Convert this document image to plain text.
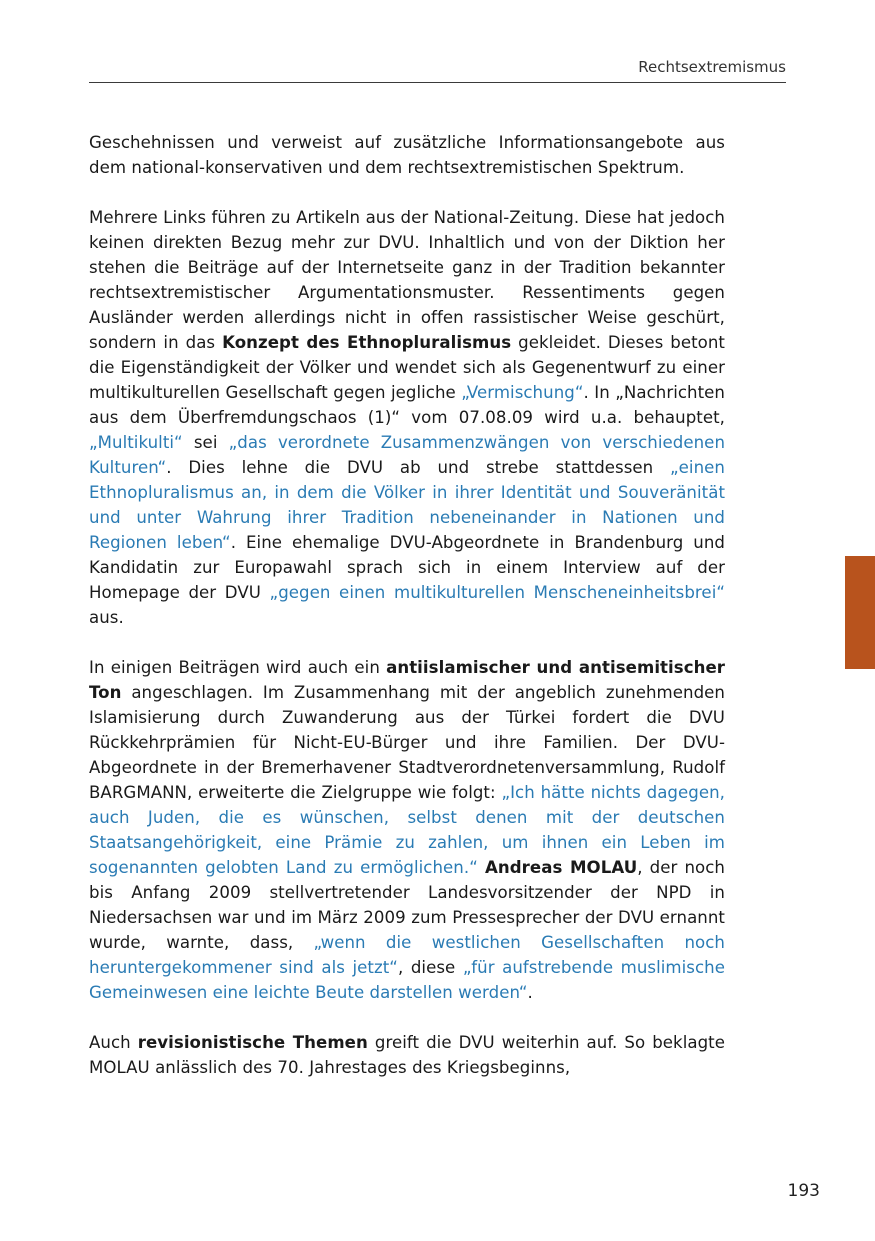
Rechtsextremismus

Geschehnissen und verweist auf zusätzliche Informationsangebote aus dem national-konservativen und dem rechtsextremistischen Spektrum.

Mehrere Links führen zu Artikeln aus der National-Zeitung. Diese hat jedoch keinen direkten Bezug mehr zur DVU. Inhaltlich und von der Diktion her stehen die Beiträge auf der Internetseite ganz in der Tradition bekannter rechtsextremistischer Argumentationsmuster. Ressentiments gegen Ausländer werden allerdings nicht in offen rassistischer Weise geschürt, sondern in das Konzept des Ethnopluralismus gekleidet. Dieses betont die Eigenständigkeit der Völker und wendet sich als Gegenentwurf zu einer multikulturellen Gesellschaft gegen jegliche „Vermischung“. In „Nachrichten aus dem Überfremdungschaos (1)“ vom 07.08.09 wird u.a. behauptet, „Multikulti“ sei „das verordnete Zusammenzwängen von verschiedenen Kulturen“. Dies lehne die DVU ab und strebe stattdessen „einen Ethnopluralismus an, in dem die Völker in ihrer Identität und Souveränität und unter Wahrung ihrer Tradition nebeneinander in Nationen und Regionen leben“. Eine ehemalige DVU-Abgeordnete in Brandenburg und Kandidatin zur Europawahl sprach sich in einem Interview auf der Homepage der DVU „gegen einen multikulturellen Menscheneinheitsbrei“ aus.

In einigen Beiträgen wird auch ein antiislamischer und antisemitischer Ton angeschlagen. Im Zusammenhang mit der angeblich zunehmenden Islamisierung durch Zuwanderung aus der Türkei fordert die DVU Rückkehrprämien für Nicht-EU-Bürger und ihre Familien. Der DVU-Abgeordnete in der Bremerhavener Stadtverordnetenversammlung, Rudolf BARGMANN, erweiterte die Zielgruppe wie folgt: „Ich hätte nichts dagegen, auch Juden, die es wünschen, selbst denen mit der deutschen Staatsangehörigkeit, eine Prämie zu zahlen, um ihnen ein Leben im sogenannten gelobten Land zu ermöglichen.“ Andreas MOLAU, der noch bis Anfang 2009 stellvertretender Landesvorsitzender der NPD in Niedersachsen war und im März 2009 zum Pressesprecher der DVU ernannt wurde, warnte, dass, „wenn die westlichen Gesellschaften noch heruntergekommener sind als jetzt“, diese „für aufstrebende muslimische Gemeinwesen eine leichte Beute darstellen werden“.

Auch revisionistische Themen greift die DVU weiterhin auf. So beklagte MOLAU anlässlich des 70. Jahrestages des Kriegsbeginns,

193
